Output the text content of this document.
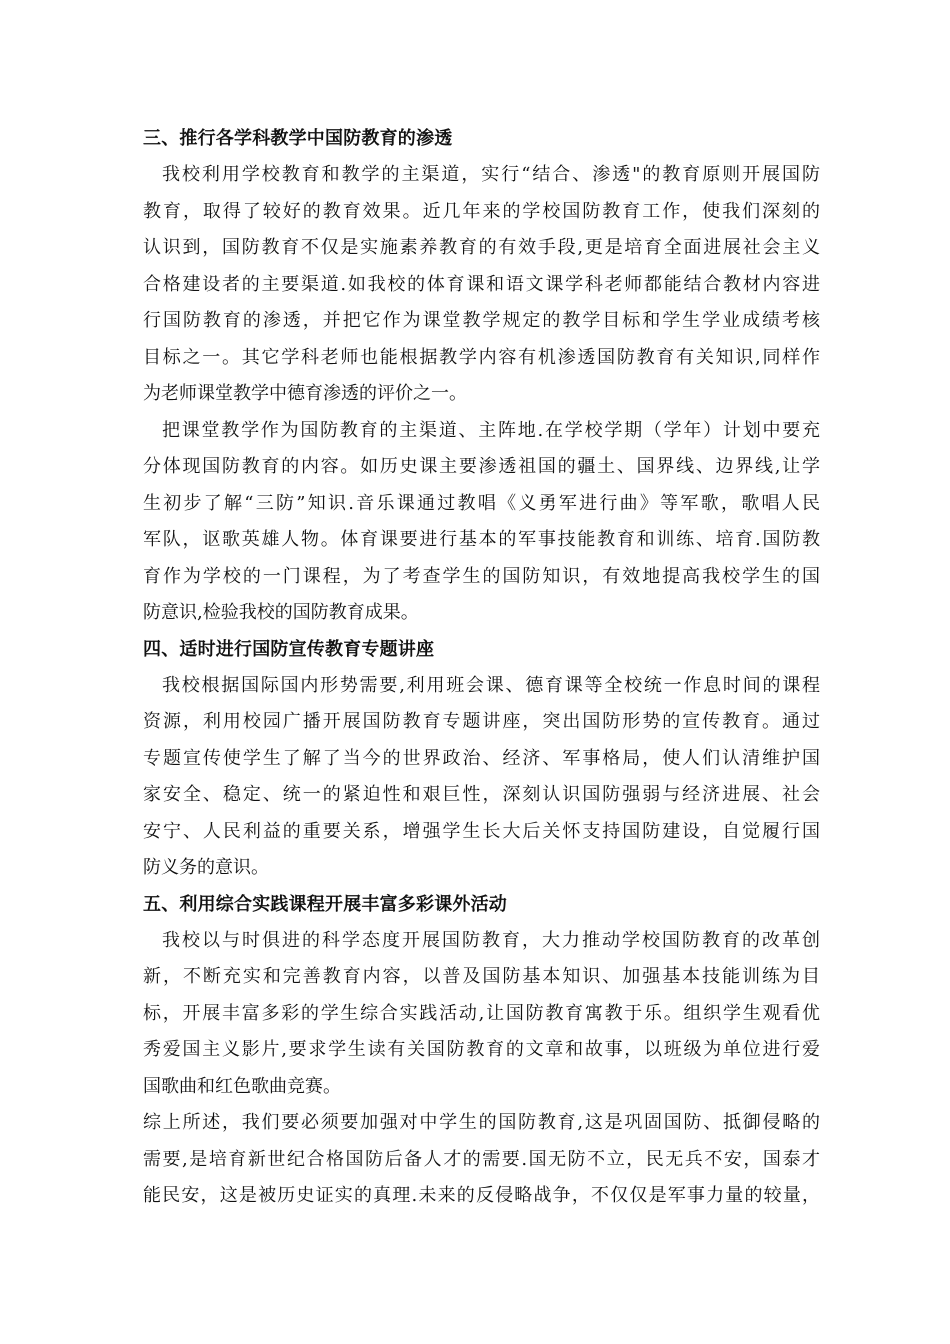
三、推行各学科教学中国防教育的渗透
我校利用学校教育和教学的主渠道，实行“结合、渗透"的教育原则开展国防
教育，取得了较好的教育效果。近几年来的学校国防教育工作，使我们深刻的
认识到，国防教育不仅是实施素养教育的有效手段,更是培育全面进展社会主义
合格建设者的主要渠道.如我校的体育课和语文课学科老师都能结合教材内容进
行国防教育的渗透，并把它作为课堂教学规定的教学目标和学生学业成绩考核
目标之一。其它学科老师也能根据教学内容有机渗透国防教育有关知识,同样作
为老师课堂教学中德育渗透的评价之一。
把课堂教学作为国防教育的主渠道、主阵地.在学校学期（学年）计划中要充
分体现国防教育的内容。如历史课主要渗透祖国的疆土、国界线、边界线,让学
生初步了解“三防”知识.音乐课通过教唱《义勇军进行曲》等军歌，歌唱人民
军队，讴歌英雄人物。体育课要进行基本的军事技能教育和训练、培育.国防教
育作为学校的一门课程，为了考查学生的国防知识，有效地提高我校学生的国
防意识,检验我校的国防教育成果。
四、适时进行国防宣传教育专题讲座
我校根据国际国内形势需要,利用班会课、德育课等全校统一作息时间的课程
资源，利用校园广播开展国防教育专题讲座，突出国防形势的宣传教育。通过
专题宣传使学生了解了当今的世界政治、经济、军事格局，使人们认清维护国
家安全、稳定、统一的紧迫性和艰巨性，深刻认识国防强弱与经济进展、社会
安宁、人民利益的重要关系，增强学生长大后关怀支持国防建设，自觉履行国
防义务的意识。
五、利用综合实践课程开展丰富多彩课外活动
我校以与时俱进的科学态度开展国防教育，大力推动学校国防教育的改革创
新，不断充实和完善教育内容，以普及国防基本知识、加强基本技能训练为目
标，开展丰富多彩的学生综合实践活动,让国防教育寓教于乐。组织学生观看优
秀爱国主义影片,要求学生读有关国防教育的文章和故事，以班级为单位进行爱
国歌曲和红色歌曲竞赛。
综上所述，我们要必须要加强对中学生的国防教育,这是巩固国防、抵御侵略的
需要,是培育新世纪合格国防后备人才的需要.国无防不立，民无兵不安，国泰才
能民安，这是被历史证实的真理.未来的反侵略战争，不仅仅是军事力量的较量，
